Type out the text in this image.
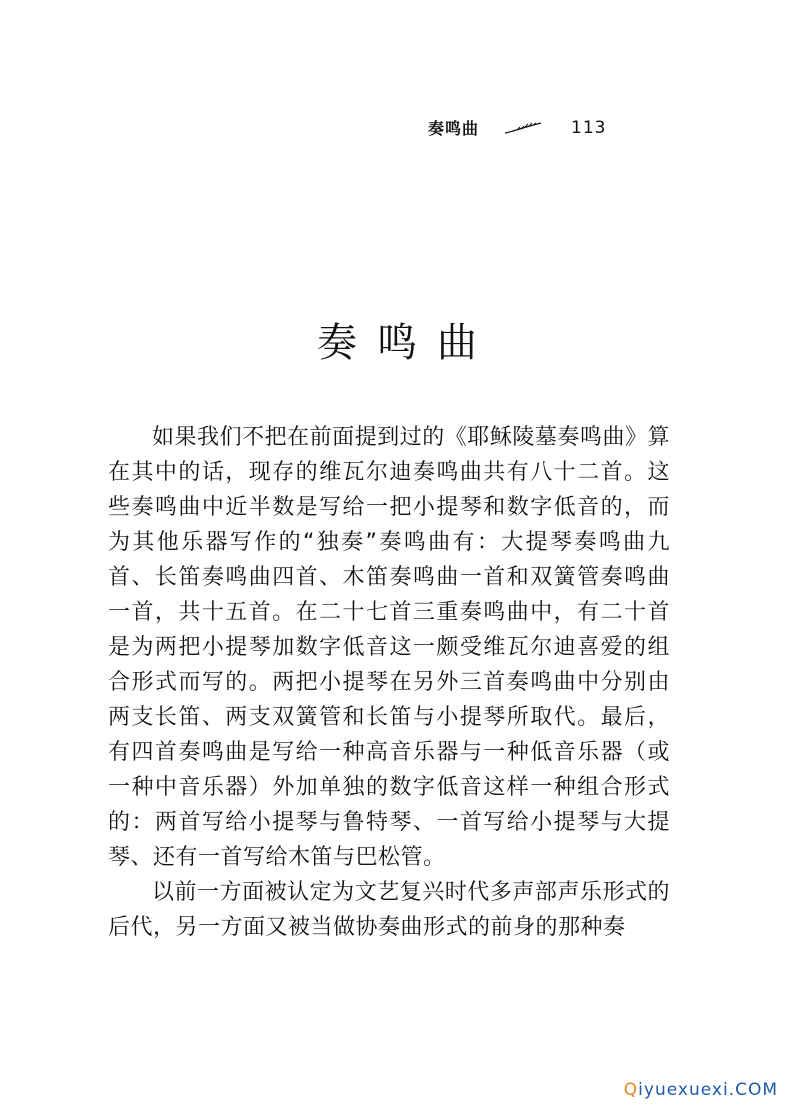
奏鸣曲	113
奏鸣曲

如果我们不把在前面提到过的《耶稣陵墓奏鸣曲》算在其中的话，现存的维瓦尔迪奏鸣曲共有八十二首。这些奏鸣曲中近半数是写给一把小提琴和数字低音的，而为其他乐器写作的“独奏”奏鸣曲有：大提琴奏鸣曲九首、长笛奏鸣曲四首、木笛奏鸣曲一首和双簧管奏鸣曲一首，共十五首。在二十七首三重奏鸣曲中，有二十首是为两把小提琴加数字低音这一颇受维瓦尔迪喜爱的组合形式而写的。两把小提琴在另外三首奏鸣曲中分别由两支长笛、两支双簧管和长笛与小提琴所取代。最后，有四首奏鸣曲是写给一种高音乐器与一种低音乐器（或一种中音乐器）外加单独的数字低音这样一种组合形式的：两首写给小提琴与鲁特琴、一首写给小提琴与大提琴、还有一首写给木笛与巴松管。

以前一方面被认定为文艺复兴时代多声部声乐形式的后代，另一方面又被当做协奏曲形式的前身的那种奏

Qiyuexuexi.COM
